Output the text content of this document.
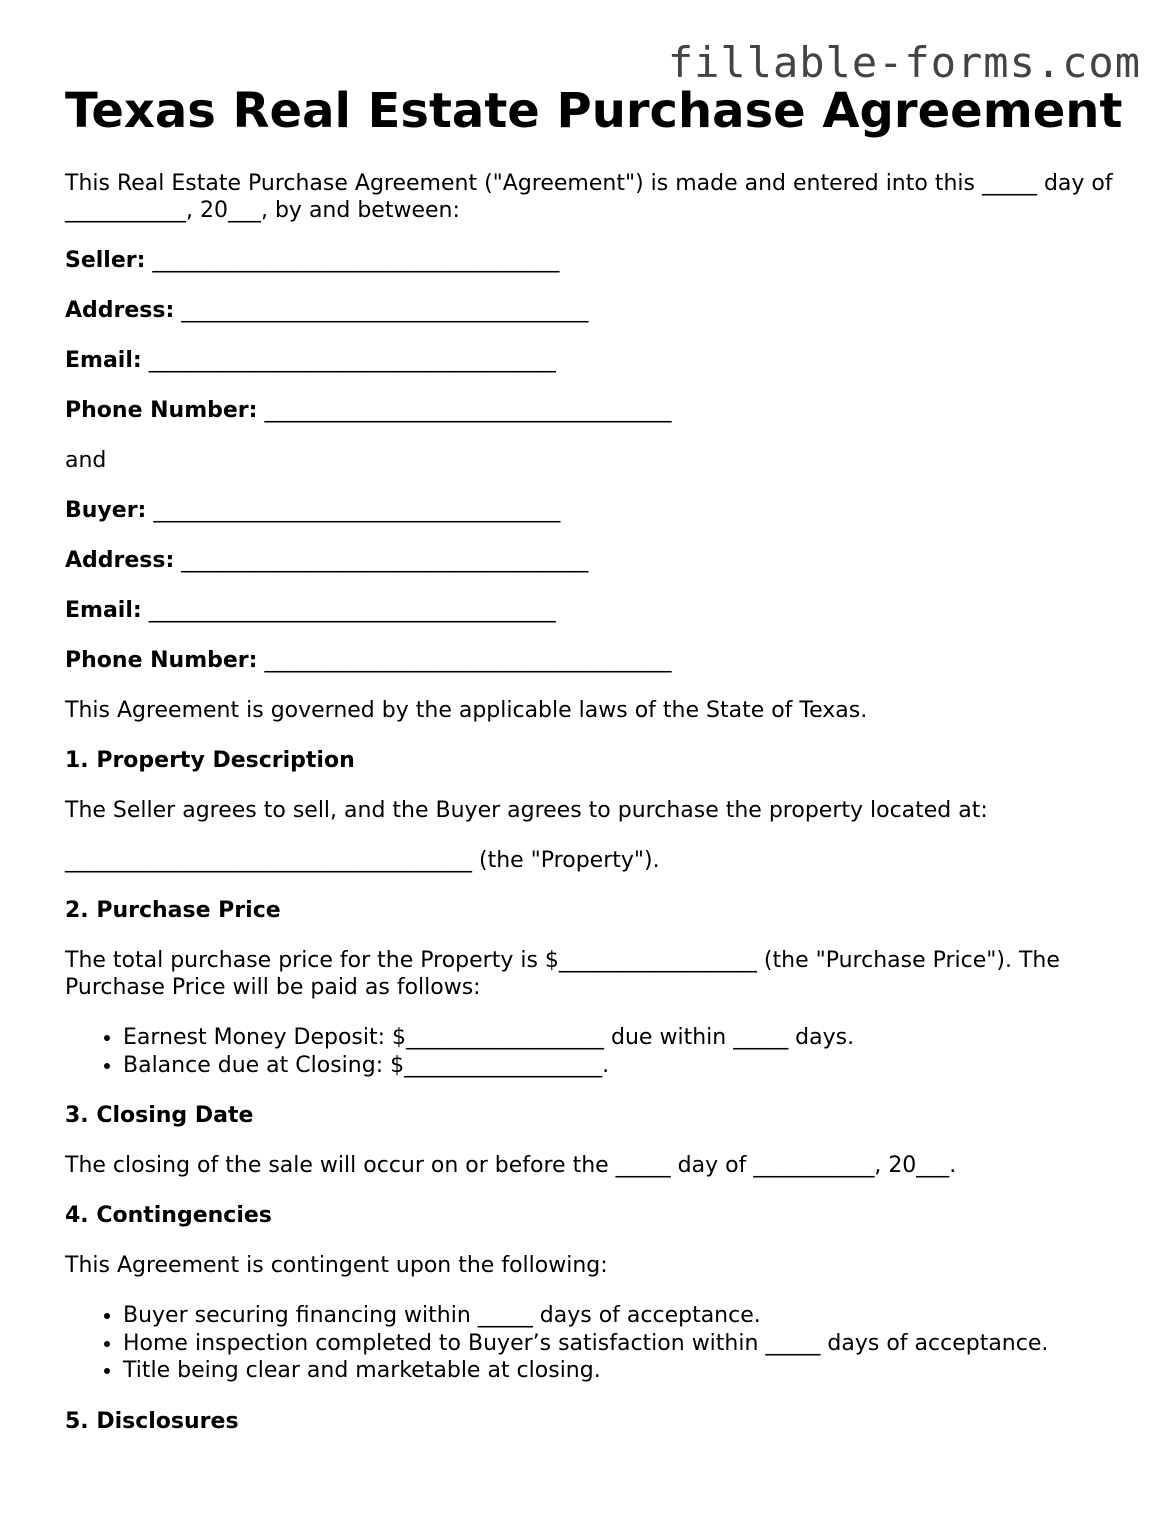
fillable-forms.com
Texas Real Estate Purchase Agreement

This Real Estate Purchase Agreement ("Agreement") is made and entered into this _____ day of ___________, 20___, by and between:

Seller: _____________________________________

Address: _____________________________________

Email: _____________________________________

Phone Number: _____________________________________

and

Buyer: _____________________________________

Address: _____________________________________

Email: _____________________________________

Phone Number: _____________________________________

This Agreement is governed by the applicable laws of the State of Texas.

1. Property Description

The Seller agrees to sell, and the Buyer agrees to purchase the property located at:

_____________________________________ (the "Property").

2. Purchase Price

The total purchase price for the Property is $__________________ (the "Purchase Price"). The Purchase Price will be paid as follows:

• Earnest Money Deposit: $__________________ due within _____ days.
• Balance due at Closing: $__________________.

3. Closing Date

The closing of the sale will occur on or before the _____ day of ___________, 20___.

4. Contingencies

This Agreement is contingent upon the following:

• Buyer securing financing within _____ days of acceptance.
• Home inspection completed to Buyer’s satisfaction within _____ days of acceptance.
• Title being clear and marketable at closing.

5. Disclosures
